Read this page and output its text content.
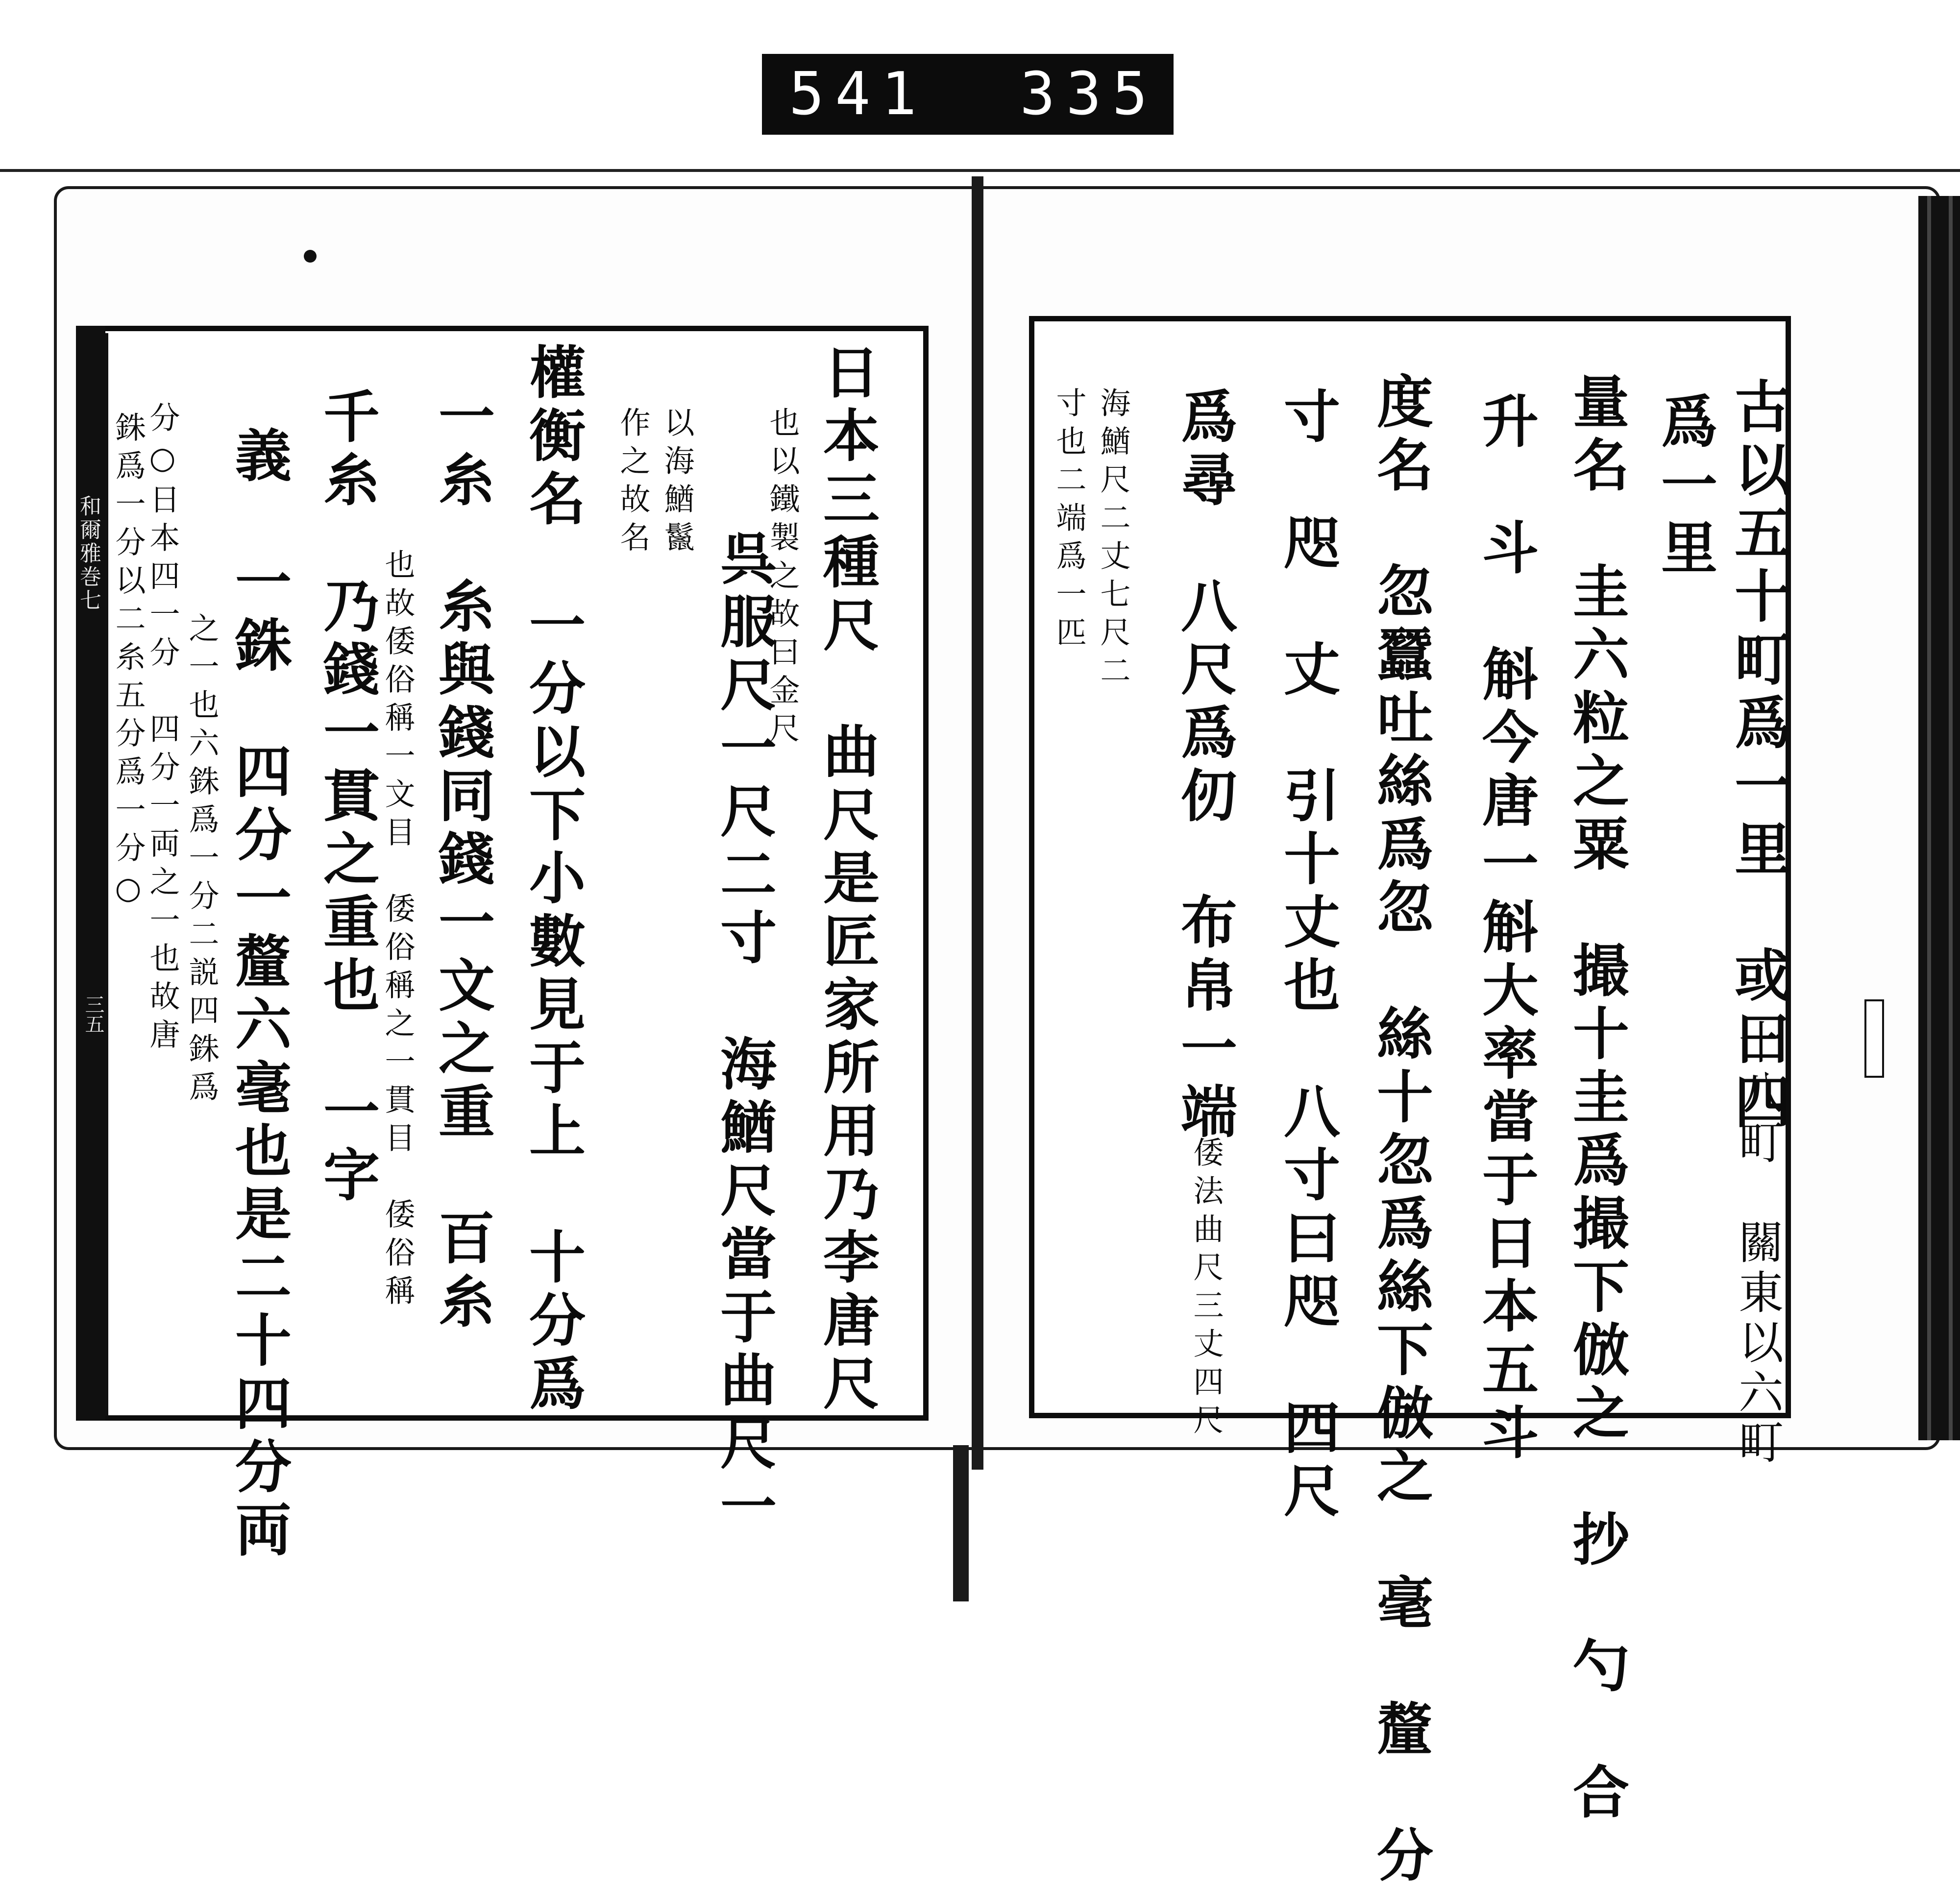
541  335
和爾雅巻七
三五	日本三種尺　曲尺是匠家所用乃李唐尺
也以鐵製之故曰金尺
呉服尺一尺二寸　海鰌尺當于曲尺一
以海鰌鬣
作之故名
權衡名　一分以下小數見于上　十分爲
一糸　糸與錢同錢一文之重　百糸
也故倭俗稱一文目　倭俗稱之一貫目　倭俗稱
千糸　乃錢一貫之重也　一字
義　一銖　四分一釐六毫也是二十四分両
之一也六銖爲一分二説四銖爲
分○日本四一分　四分一両之一也故唐
銖爲一分以二糸五分爲一分○	古以五十町爲一里　或曰四
十八町　關東以六町
爲一里
量名　圭六粒之粟　撮十圭爲撮下倣之　抄　勺　合
升　斗　斛今唐一斛大率當于日本五斗
度名　忽蠶吐絲爲忽　絲十忽爲絲下倣之　毫　釐　分
寸　咫　丈　引十丈也　八寸曰咫　四尺
爲尋　八尺爲仞　布帛一端
倭法曲尺三丈四尺
海鰌尺二丈七尺二
寸也二端爲一匹
